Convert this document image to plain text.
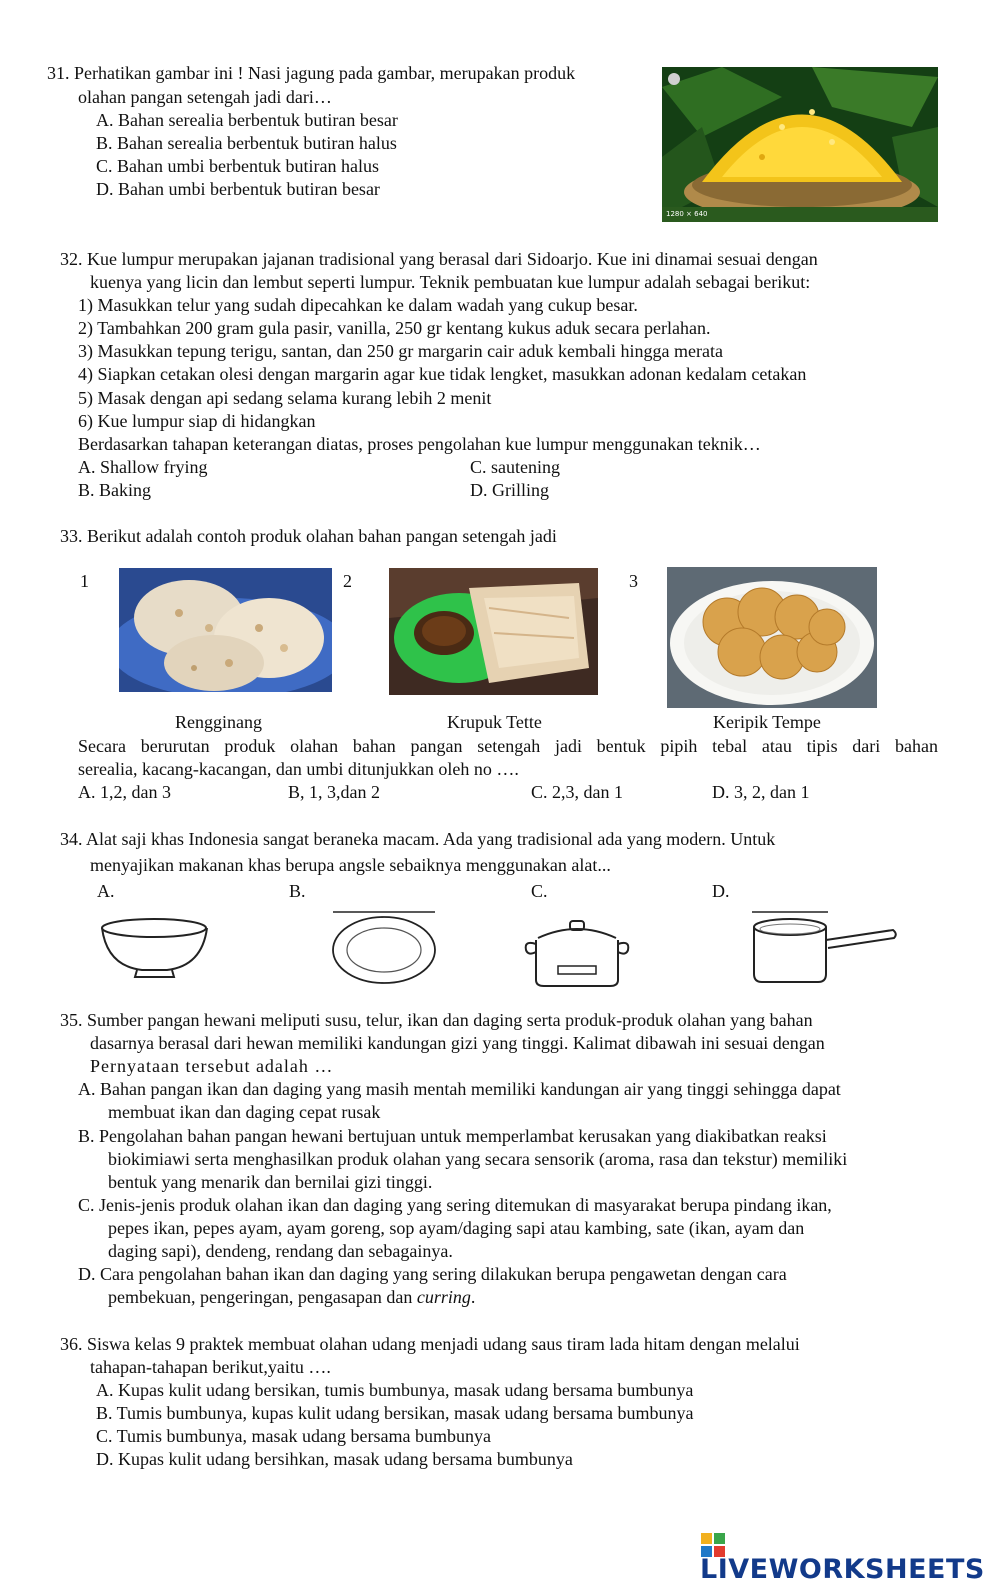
31. Perhatikan gambar ini ! Nasi jagung pada gambar, merupakan produk
olahan pangan setengah jadi dari…
A. Bahan serealia berbentuk butiran besar
B. Bahan serealia berbentuk butiran halus
C. Bahan umbi berbentuk butiran halus
D. Bahan umbi berbentuk butiran besar
1280 × 640
32. Kue lumpur merupakan jajanan tradisional yang berasal dari Sidoarjo. Kue ini dinamai sesuai dengan
kuenya yang licin dan lembut seperti lumpur. Teknik pembuatan kue lumpur adalah sebagai berikut:
1) Masukkan telur yang sudah dipecahkan ke dalam wadah yang cukup besar.
2) Tambahkan 200 gram gula pasir, vanilla, 250 gr kentang kukus aduk secara perlahan.
3) Masukkan tepung terigu, santan, dan 250 gr margarin cair aduk kembali hingga merata
4) Siapkan cetakan olesi dengan margarin agar kue tidak lengket, masukkan adonan kedalam cetakan
5) Masak dengan api sedang selama kurang lebih 2 menit
6) Kue lumpur siap di hidangkan
Berdasarkan tahapan keterangan diatas, proses pengolahan kue lumpur menggunakan teknik…
A. Shallow frying	C. sautening
B. Baking	D. Grilling
33. Berikut adalah contoh produk olahan bahan pangan setengah jadi
1	2	3
Rengginang	Krupuk Tette	Keripik Tempe
Secara berurutan produk olahan bahan pangan setengah jadi bentuk pipih tebal atau tipis dari bahan
serealia, kacang-kacangan, dan umbi ditunjukkan oleh no ….
A. 1,2, dan 3	B, 1, 3,dan 2	C. 2,3, dan 1	D. 3, 2, dan 1
34. Alat saji khas Indonesia sangat beraneka macam. Ada yang tradisional ada yang modern. Untuk
menyajikan makanan khas berupa angsle sebaiknya menggunakan alat...
A.	B.	C.	D.
35. Sumber pangan hewani meliputi susu, telur, ikan dan daging serta produk-produk olahan yang bahan
dasarnya berasal dari hewan memiliki kandungan gizi yang tinggi. Kalimat dibawah ini sesuai dengan
Pernyataan tersebut adalah …
A. Bahan pangan ikan dan daging yang masih mentah memiliki kandungan air yang tinggi sehingga dapat
membuat ikan dan daging cepat rusak
B. Pengolahan bahan pangan hewani bertujuan untuk memperlambat kerusakan yang diakibatkan reaksi
biokimiawi serta menghasilkan produk olahan yang secara sensorik (aroma, rasa dan tekstur) memiliki
bentuk yang menarik dan bernilai gizi tinggi.
C. Jenis-jenis produk olahan ikan dan daging yang sering ditemukan di masyarakat berupa pindang ikan,
pepes ikan, pepes ayam, ayam goreng, sop ayam/daging sapi atau kambing, sate (ikan, ayam dan
daging sapi), dendeng, rendang dan sebagainya.
D. Cara pengolahan bahan ikan dan daging yang sering dilakukan berupa pengawetan dengan cara
pembekuan, pengeringan, pengasapan dan curring.
36. Siswa kelas 9 praktek membuat olahan udang menjadi udang saus tiram lada hitam dengan melalui
tahapan-tahapan berikut,yaitu ….
A. Kupas kulit udang bersikan, tumis bumbunya, masak udang bersama bumbunya
B. Tumis bumbunya, kupas kulit udang bersikan, masak udang bersama bumbunya
C. Tumis bumbunya, masak udang bersama bumbunya
D. Kupas kulit udang bersihkan, masak udang bersama bumbunya
LIVEWORKSHEETS
